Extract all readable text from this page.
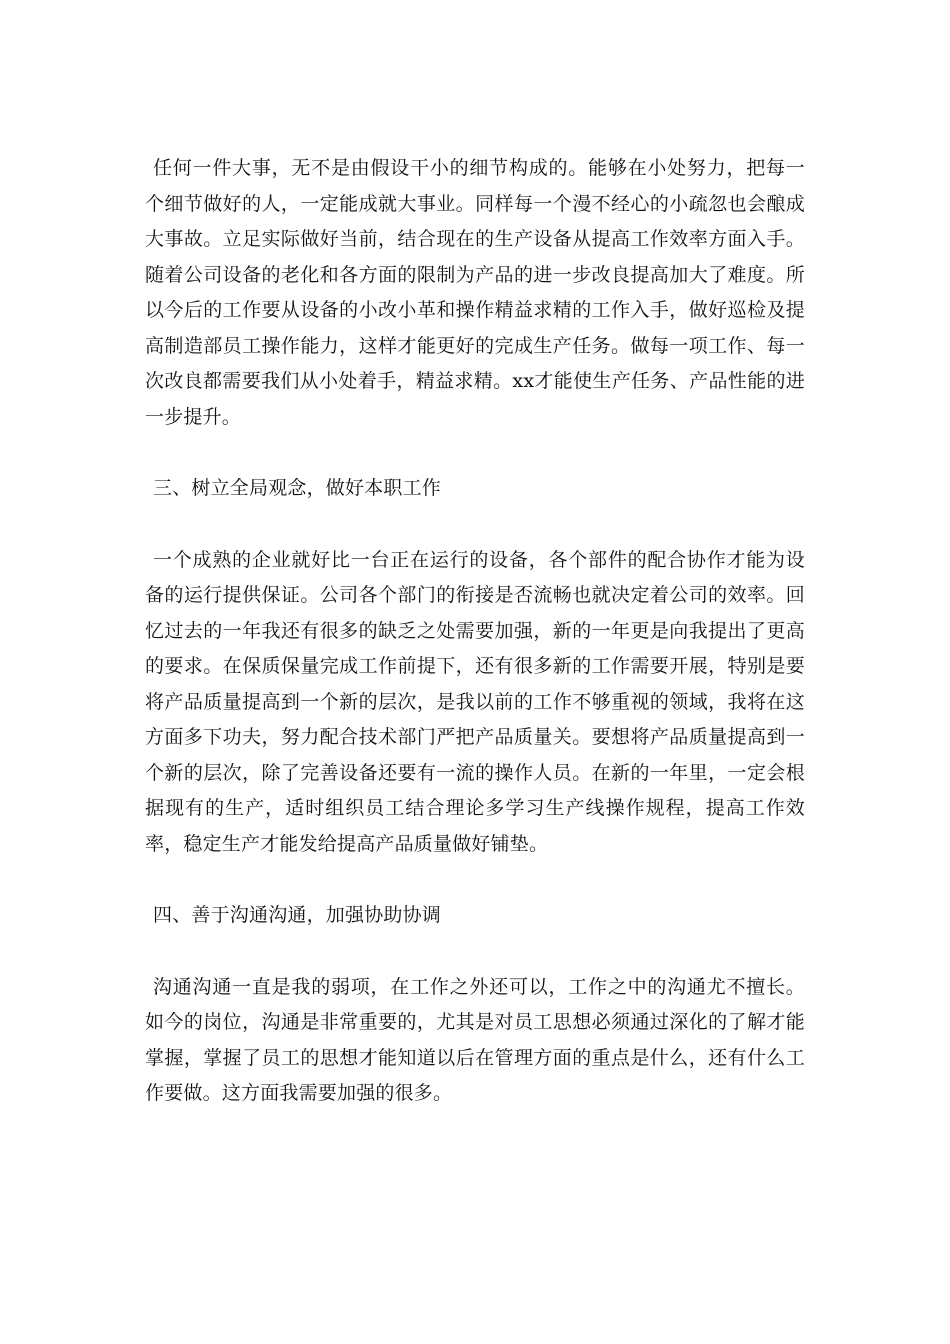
任何一件大事，无不是由假设干小的细节构成的。能够在小处努力，把每一个细节做好的人，一定能成就大事业。同样每一个漫不经心的小疏忽也会酿成大事故。立足实际做好当前，结合现在的生产设备从提高工作效率方面入手。随着公司设备的老化和各方面的限制为产品的进一步改良提高加大了难度。所以今后的工作要从设备的小改小革和操作精益求精的工作入手，做好巡检及提高制造部员工操作能力，这样才能更好的完成生产任务。做每一项工作、每一次改良都需要我们从小处着手，精益求精。xx才能使生产任务、产品性能的进一步提升。

三、树立全局观念，做好本职工作

一个成熟的企业就好比一台正在运行的设备，各个部件的配合协作才能为设备的运行提供保证。公司各个部门的衔接是否流畅也就决定着公司的效率。回忆过去的一年我还有很多的缺乏之处需要加强，新的一年更是向我提出了更高的要求。在保质保量完成工作前提下，还有很多新的工作需要开展，特别是要将产品质量提高到一个新的层次，是我以前的工作不够重视的领域，我将在这方面多下功夫，努力配合技术部门严把产品质量关。要想将产品质量提高到一个新的层次，除了完善设备还要有一流的操作人员。在新的一年里，一定会根据现有的生产，适时组织员工结合理论多学习生产线操作规程，提高工作效率，稳定生产才能发给提高产品质量做好铺垫。

四、善于沟通沟通，加强协助协调

沟通沟通一直是我的弱项，在工作之外还可以，工作之中的沟通尤不擅长。如今的岗位，沟通是非常重要的，尤其是对员工思想必须通过深化的了解才能掌握，掌握了员工的思想才能知道以后在管理方面的重点是什么，还有什么工作要做。这方面我需要加强的很多。
